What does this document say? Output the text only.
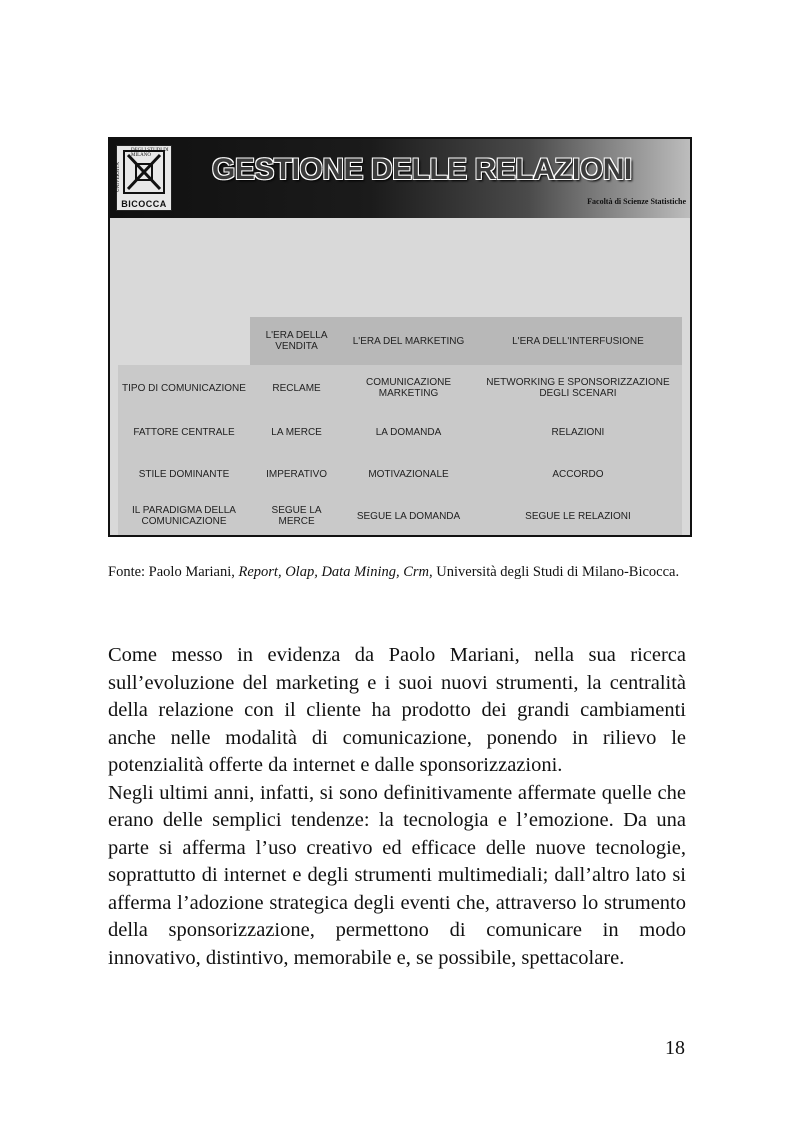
UNIVERSITÀ
DEGLI STUDI DI MILANO
BICOCCA
GESTIONE DELLE RELAZIONI
Facoltà di Scienze Statistiche
	L'ERA DELLA VENDITA	L'ERA DEL MARKETING	L'ERA DELL'INTERFUSIONE
TIPO DI COMUNICAZIONE	RECLAME	COMUNICAZIONE MARKETING	NETWORKING E SPONSORIZZAZIONE DEGLI SCENARI
FATTORE CENTRALE	LA MERCE	LA DOMANDA	RELAZIONI
STILE DOMINANTE	IMPERATIVO	MOTIVAZIONALE	ACCORDO
IL PARADIGMA DELLA COMUNICAZIONE	SEGUE LA MERCE	SEGUE LA DOMANDA	SEGUE LE RELAZIONI
Fonte: Paolo Mariani, Report, Olap, Data Mining, Crm, Università degli Studi di Milano-Bicocca.

Come messo in evidenza da Paolo Mariani, nella sua ricerca sull’evoluzione del marketing e i suoi nuovi strumenti, la centralità della relazione con il cliente ha prodotto dei grandi cambiamenti anche nelle modalità di comunicazione, ponendo in rilievo le potenzialità offerte da internet e dalle sponsorizzazioni.

Negli ultimi anni, infatti, si sono definitivamente affermate quelle che erano delle semplici tendenze: la tecnologia e l’emozione. Da una parte si afferma l’uso creativo ed efficace delle nuove tecnologie, soprattutto di internet e degli strumenti multimediali; dall’altro lato si afferma l’adozione strategica degli eventi che, attraverso lo strumento della sponsorizzazione, permettono di comunicare in modo innovativo, distintivo, memorabile e, se possibile, spettacolare.

18
